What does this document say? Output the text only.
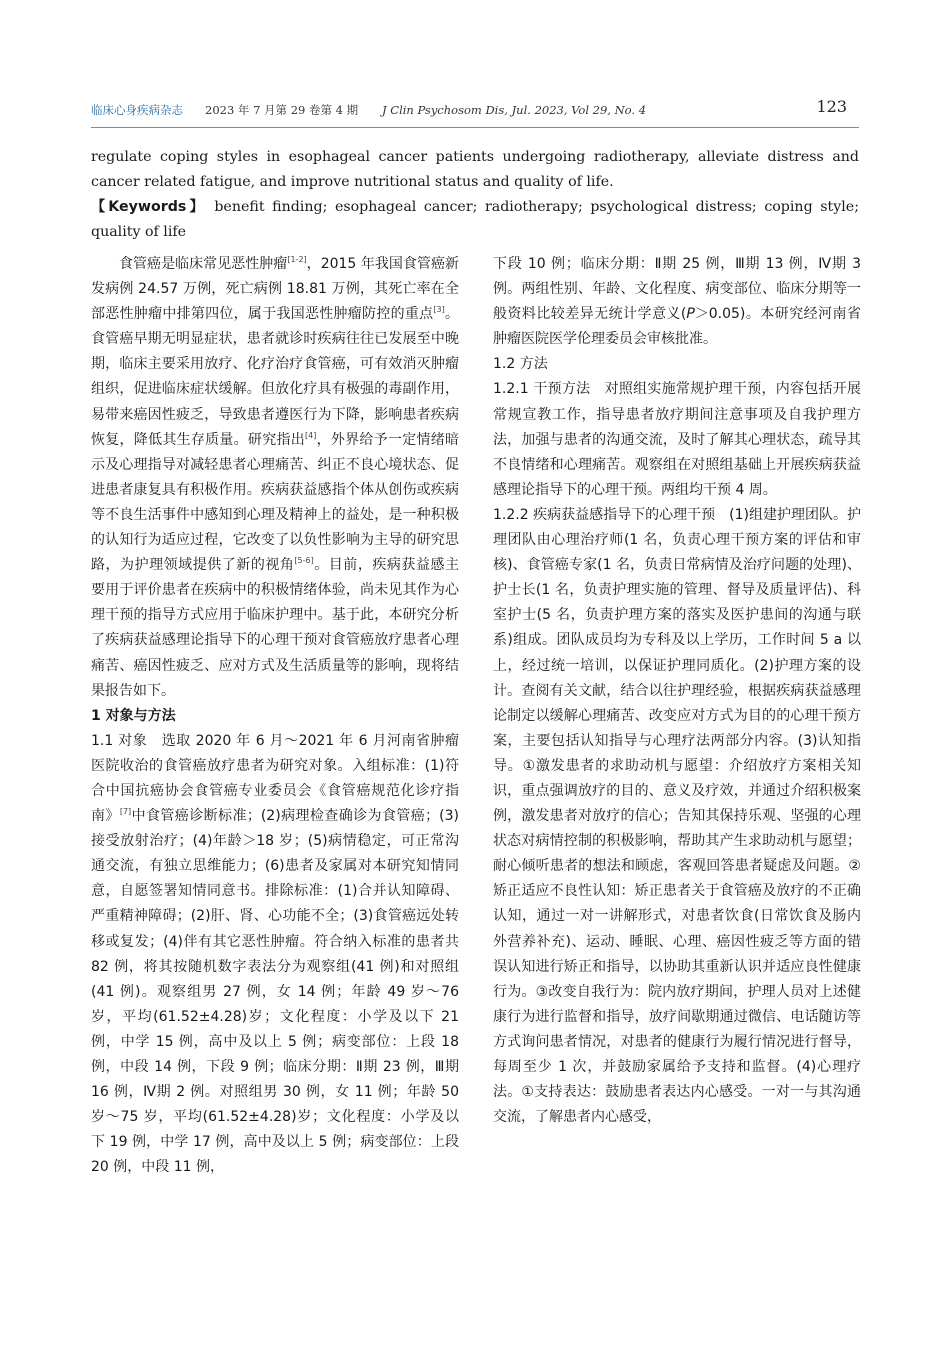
临床心身疾病杂志 2023 年 7 月第 29 卷第 4 期 J Clin Psychosom Dis, Jul. 2023, Vol 29, No. 4	123

regulate coping styles in esophageal cancer patients undergoing radiotherapy, alleviate distress and cancer related fatigue, and improve nutritional status and quality of life.

【Keywords】 benefit finding; esophageal cancer; radiotherapy; psychological distress; coping style; quality of life

食管癌是临床常见恶性肿瘤[1-2]，2015 年我国食管癌新发病例 24.57 万例，死亡病例 18.81 万例，其死亡率在全部恶性肿瘤中排第四位，属于我国恶性肿瘤防控的重点[3]。食管癌早期无明显症状，患者就诊时疾病往往已发展至中晚期，临床主要采用放疗、化疗治疗食管癌，可有效消灭肿瘤组织，促进临床症状缓解。但放化疗具有极强的毒副作用，易带来癌因性疲乏，导致患者遵医行为下降，影响患者疾病恢复，降低其生存质量。研究指出[4]，外界给予一定情绪暗示及心理指导对减轻患者心理痛苦、纠正不良心境状态、促进患者康复具有积极作用。疾病获益感指个体从创伤或疾病等不良生活事件中感知到心理及精神上的益处，是一种积极的认知行为适应过程，它改变了以负性影响为主导的研究思路，为护理领域提供了新的视角[5-6]。目前，疾病获益感主要用于评价患者在疾病中的积极情绪体验，尚未见其作为心理干预的指导方式应用于临床护理中。基于此，本研究分析了疾病获益感理论指导下的心理干预对食管癌放疗患者心理痛苦、癌因性疲乏、应对方式及生活质量等的影响，现将结果报告如下。

1 对象与方法

1.1 对象　选取 2020 年 6 月～2021 年 6 月河南省肿瘤医院收治的食管癌放疗患者为研究对象。入组标准：(1)符合中国抗癌协会食管癌专业委员会《食管癌规范化诊疗指南》[7]中食管癌诊断标准；(2)病理检查确诊为食管癌；(3)接受放射治疗；(4)年龄＞18 岁；(5)病情稳定，可正常沟通交流，有独立思维能力；(6)患者及家属对本研究知情同意，自愿签署知情同意书。排除标准：(1)合并认知障碍、严重精神障碍；(2)肝、肾、心功能不全；(3)食管癌远处转移或复发；(4)伴有其它恶性肿瘤。符合纳入标准的患者共 82 例，将其按随机数字表法分为观察组(41 例)和对照组(41 例)。观察组男 27 例，女 14 例；年龄 49 岁～76 岁，平均(61.52±4.28)岁；文化程度：小学及以下 21 例，中学 15 例，高中及以上 5 例；病变部位：上段 18 例，中段 14 例，下段 9 例；临床分期：Ⅱ期 23 例，Ⅲ期 16 例，Ⅳ期 2 例。对照组男 30 例，女 11 例；年龄 50 岁～75 岁，平均(61.52±4.28)岁；文化程度：小学及以下 19 例，中学 17 例，高中及以上 5 例；病变部位：上段 20 例，中段 11 例，

下段 10 例；临床分期：Ⅱ期 25 例，Ⅲ期 13 例，Ⅳ期 3 例。两组性别、年龄、文化程度、病变部位、临床分期等一般资料比较差异无统计学意义(P＞0.05)。本研究经河南省肿瘤医院医学伦理委员会审核批准。

1.2 方法

1.2.1 干预方法　对照组实施常规护理干预，内容包括开展常规宣教工作，指导患者放疗期间注意事项及自我护理方法，加强与患者的沟通交流，及时了解其心理状态，疏导其不良情绪和心理痛苦。观察组在对照组基础上开展疾病获益感理论指导下的心理干预。两组均干预 4 周。

1.2.2 疾病获益感指导下的心理干预　(1)组建护理团队。护理团队由心理治疗师(1 名，负责心理干预方案的评估和审核)、食管癌专家(1 名，负责日常病情及治疗问题的处理)、护士长(1 名，负责护理实施的管理、督导及质量评估)、科室护士(5 名，负责护理方案的落实及医护患间的沟通与联系)组成。团队成员均为专科及以上学历，工作时间 5 a 以上，经过统一培训，以保证护理同质化。(2)护理方案的设计。查阅有关文献，结合以往护理经验，根据疾病获益感理论制定以缓解心理痛苦、改变应对方式为目的的心理干预方案，主要包括认知指导与心理疗法两部分内容。(3)认知指导。①激发患者的求助动机与愿望：介绍放疗方案相关知识，重点强调放疗的目的、意义及疗效，并通过介绍积极案例，激发患者对放疗的信心；告知其保持乐观、坚强的心理状态对病情控制的积极影响，帮助其产生求助动机与愿望；耐心倾听患者的想法和顾虑，客观回答患者疑虑及问题。②矫正适应不良性认知：矫正患者关于食管癌及放疗的不正确认知，通过一对一讲解形式，对患者饮食(日常饮食及肠内外营养补充)、运动、睡眠、心理、癌因性疲乏等方面的错误认知进行矫正和指导，以协助其重新认识并适应良性健康行为。③改变自我行为：院内放疗期间，护理人员对上述健康行为进行监督和指导，放疗间歇期通过微信、电话随访等方式询问患者情况，对患者的健康行为履行情况进行督导，每周至少 1 次，并鼓励家属给予支持和监督。(4)心理疗法。①支持表达：鼓励患者表达内心感受。一对一与其沟通交流，了解患者内心感受，
